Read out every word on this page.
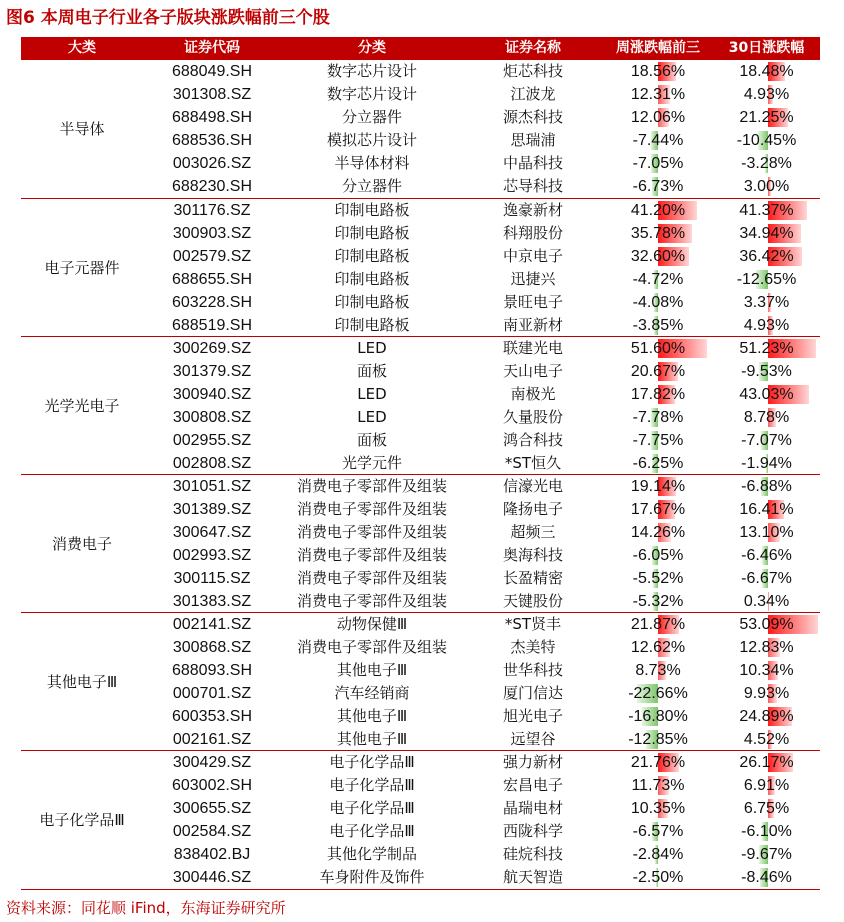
图6 本周电子行业各子版块涨跌幅前三个股
大类	证券代码	分类	证券名称	周涨跌幅前三	30日涨跌幅
半导体
688049.SH	数字芯片设计	炬芯科技	18.56%	18.48%
301308.SZ	数字芯片设计	江波龙	12.31%	4.93%
688498.SH	分立器件	源杰科技	12.06%	21.25%
688536.SH	模拟芯片设计	思瑞浦	-7.44%	-10.45%
003026.SZ	半导体材料	中晶科技	-7.05%	-3.28%
688230.SH	分立器件	芯导科技	-6.73%	3.00%
电子元器件
301176.SZ	印制电路板	逸豪新材	41.20%	41.37%
300903.SZ	印制电路板	科翔股份	35.78%	34.94%
002579.SZ	印制电路板	中京电子	32.60%	36.42%
688655.SH	印制电路板	迅捷兴	-4.72%	-12.65%
603228.SH	印制电路板	景旺电子	-4.08%	3.37%
688519.SH	印制电路板	南亚新材	-3.85%	4.93%
光学光电子
300269.SZ	LED	联建光电	51.60%	51.23%
301379.SZ	面板	天山电子	20.67%	-9.53%
300940.SZ	LED	南极光	17.82%	43.03%
300808.SZ	LED	久量股份	-7.78%	8.78%
002955.SZ	面板	鸿合科技	-7.75%	-7.07%
002808.SZ	光学元件	*ST恒久	-6.25%	-1.94%
消费电子
301051.SZ	消费电子零部件及组装	信濠光电	19.14%	-6.88%
301389.SZ	消费电子零部件及组装	隆扬电子	17.67%	16.41%
300647.SZ	消费电子零部件及组装	超频三	14.26%	13.10%
002993.SZ	消费电子零部件及组装	奥海科技	-6.05%	-6.46%
300115.SZ	消费电子零部件及组装	长盈精密	-5.52%	-6.67%
301383.SZ	消费电子零部件及组装	天键股份	-5.32%	0.34%
其他电子Ⅲ
002141.SZ	动物保健Ⅲ	*ST贤丰	21.87%	53.09%
300868.SZ	消费电子零部件及组装	杰美特	12.62%	12.83%
688093.SH	其他电子Ⅲ	世华科技	8.73%	10.34%
000701.SZ	汽车经销商	厦门信达	-22.66%	9.93%
600353.SH	其他电子Ⅲ	旭光电子	-16.80%	24.89%
002161.SZ	其他电子Ⅲ	远望谷	-12.85%	4.52%
电子化学品Ⅲ
300429.SZ	电子化学品Ⅲ	强力新材	21.76%	26.17%
603002.SH	电子化学品Ⅲ	宏昌电子	11.73%	6.91%
300655.SZ	电子化学品Ⅲ	晶瑞电材	10.35%	6.75%
002584.SZ	电子化学品Ⅲ	西陇科学	-6.57%	-6.10%
838402.BJ	其他化学制品	硅烷科技	-2.84%	-9.67%
300446.SZ	车身附件及饰件	航天智造	-2.50%	-8.46%
资料来源：同花顺 iFind，东海证券研究所
